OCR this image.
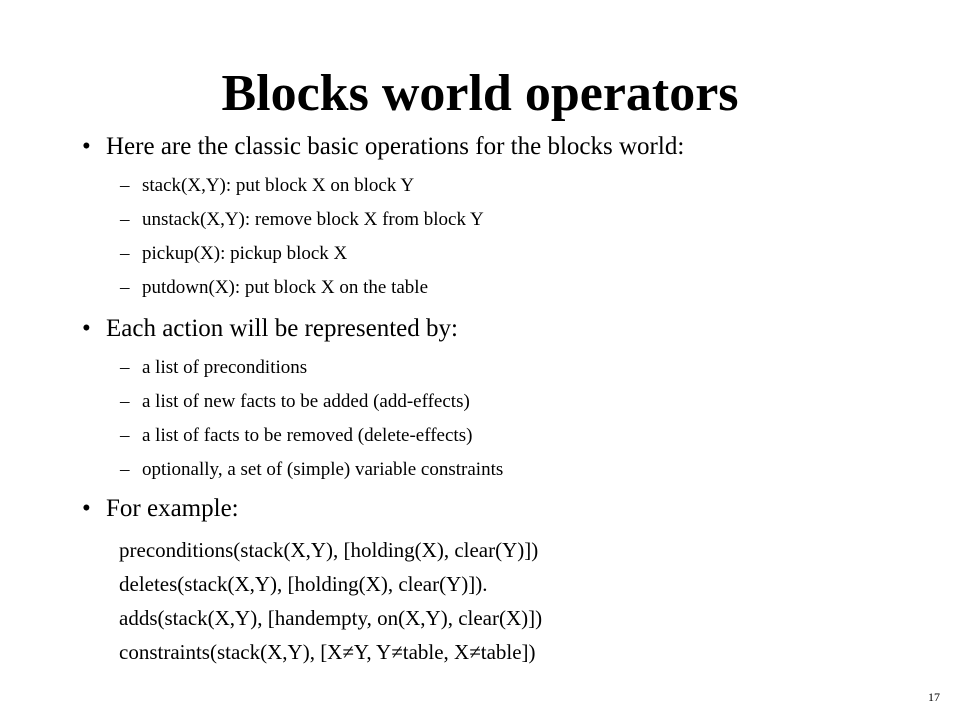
Blocks world operators
• Here are the classic basic operations for the blocks world:
– stack(X,Y): put block X on block Y
– unstack(X,Y): remove block X from block Y
– pickup(X): pickup block X
– putdown(X): put block X on the table
• Each action will be represented by:
– a list of preconditions
– a list of new facts to be added (add-effects)
– a list of facts to be removed (delete-effects)
– optionally, a set of (simple) variable constraints
• For example:
preconditions(stack(X,Y), [holding(X), clear(Y)])
deletes(stack(X,Y), [holding(X), clear(Y)]).
adds(stack(X,Y), [handempty, on(X,Y), clear(X)])
constraints(stack(X,Y), [X≠Y, Y≠table, X≠table])
17
